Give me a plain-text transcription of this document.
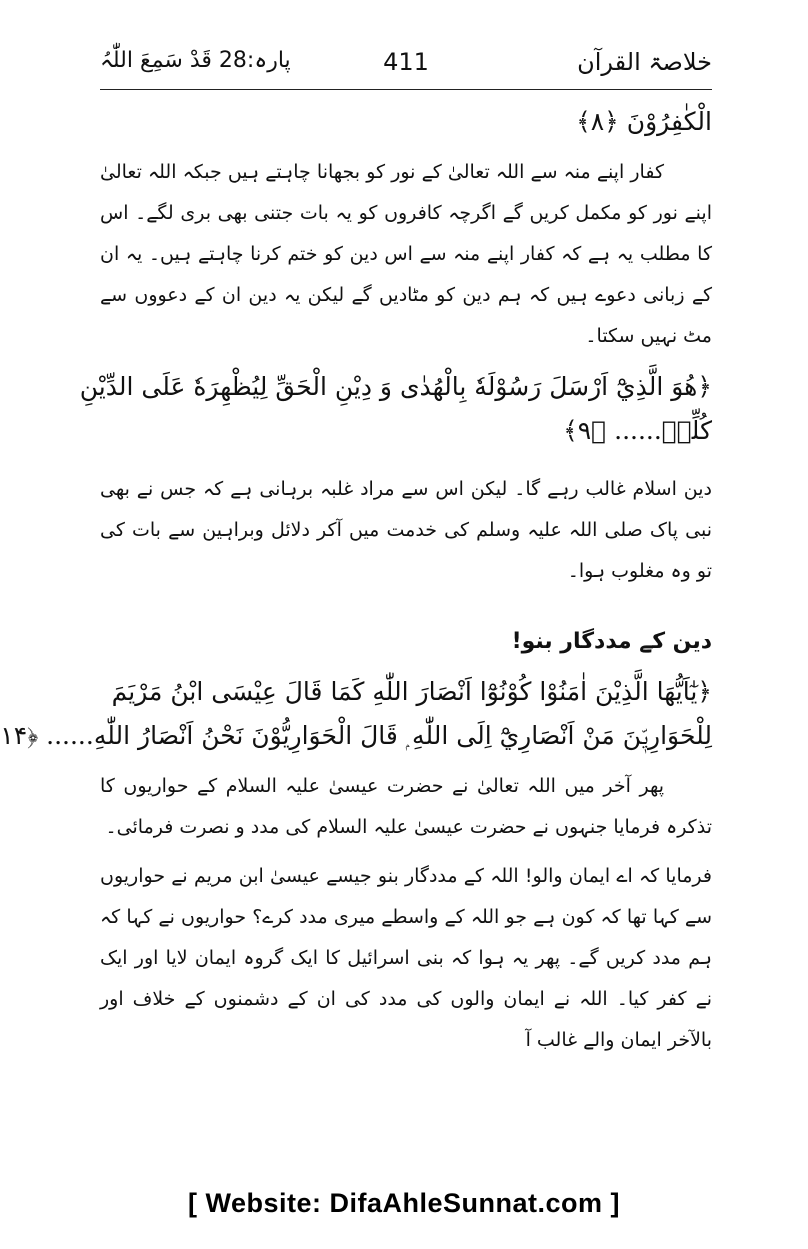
خلاصۃ القرآن
411
پارہ:28 قَدْ سَمِعَ اللّٰہُ
الْكٰفِرُوْنَ ﴿۸﴾

کفار اپنے منہ سے اللہ تعالیٰ کے نور کو بجھانا چاہتے ہیں جبکہ اللہ تعالیٰ اپنے نور کو مکمل کریں گے اگرچہ کافروں کو یہ بات جتنی بھی بری لگے۔ اس کا مطلب یہ ہے کہ کفار اپنے منہ سے اس دین کو ختم کرنا چاہتے ہیں۔ یہ ان کے زبانی دعوے ہیں کہ ہم دین کو مٹادیں گے لیکن یہ دین ان کے دعووں سے مٹ نہیں سکتا۔

﴿هُوَ الَّذِيْٓ اَرْسَلَ رَسُوْلَهٗ بِالْهُدٰى وَ دِيْنِ الْحَقِّ لِيُظْهِرَهٗ عَلَى الدِّيْنِ
كُلِّهٖ...... ﴿۹﴾

دین اسلام غالب رہے گا۔ لیکن اس سے مراد غلبہ برہانی ہے کہ جس نے بھی نبی پاک صلی اللہ علیہ وسلم کی خدمت میں آکر دلائل وبراہین سے بات کی تو وہ مغلوب ہوا۔

دین کے مددگار بنو!

﴿يٰٓاَيُّهَا الَّذِيْنَ اٰمَنُوْا كُوْنُوْٓا اَنْصَارَ اللّٰهِ كَمَا قَالَ عِيْسَى ابْنُ مَرْيَمَ
لِلْحَوَارِيّٖنَ مَنْ اَنْصَارِيْٓ اِلَى اللّٰهِ ۭ قَالَ الْحَوَارِيُّوْنَ نَحْنُ اَنْصَارُ اللّٰهِ...... ﴿۱۴

پھر آخر میں اللہ تعالیٰ نے حضرت عیسیٰ علیہ السلام کے حواریوں کا تذکرہ فرمایا جنہوں نے حضرت عیسیٰ علیہ السلام کی مدد و نصرت فرمائی۔

فرمایا کہ اے ایمان والو! اللہ کے مددگار بنو جیسے عیسیٰ ابن مریم نے حواریوں سے کہا تھا کہ کون ہے جو اللہ کے واسطے میری مدد کرے؟ حواریوں نے کہا کہ ہم مدد کریں گے۔ پھر یہ ہوا کہ بنی اسرائیل کا ایک گروہ ایمان لایا اور ایک نے کفر کیا۔ اللہ نے ایمان والوں کی مدد کی ان کے دشمنوں کے خلاف اور بالآخر ایمان والے غالب آ

[ Website: DifaAhleSunnat.com ]
